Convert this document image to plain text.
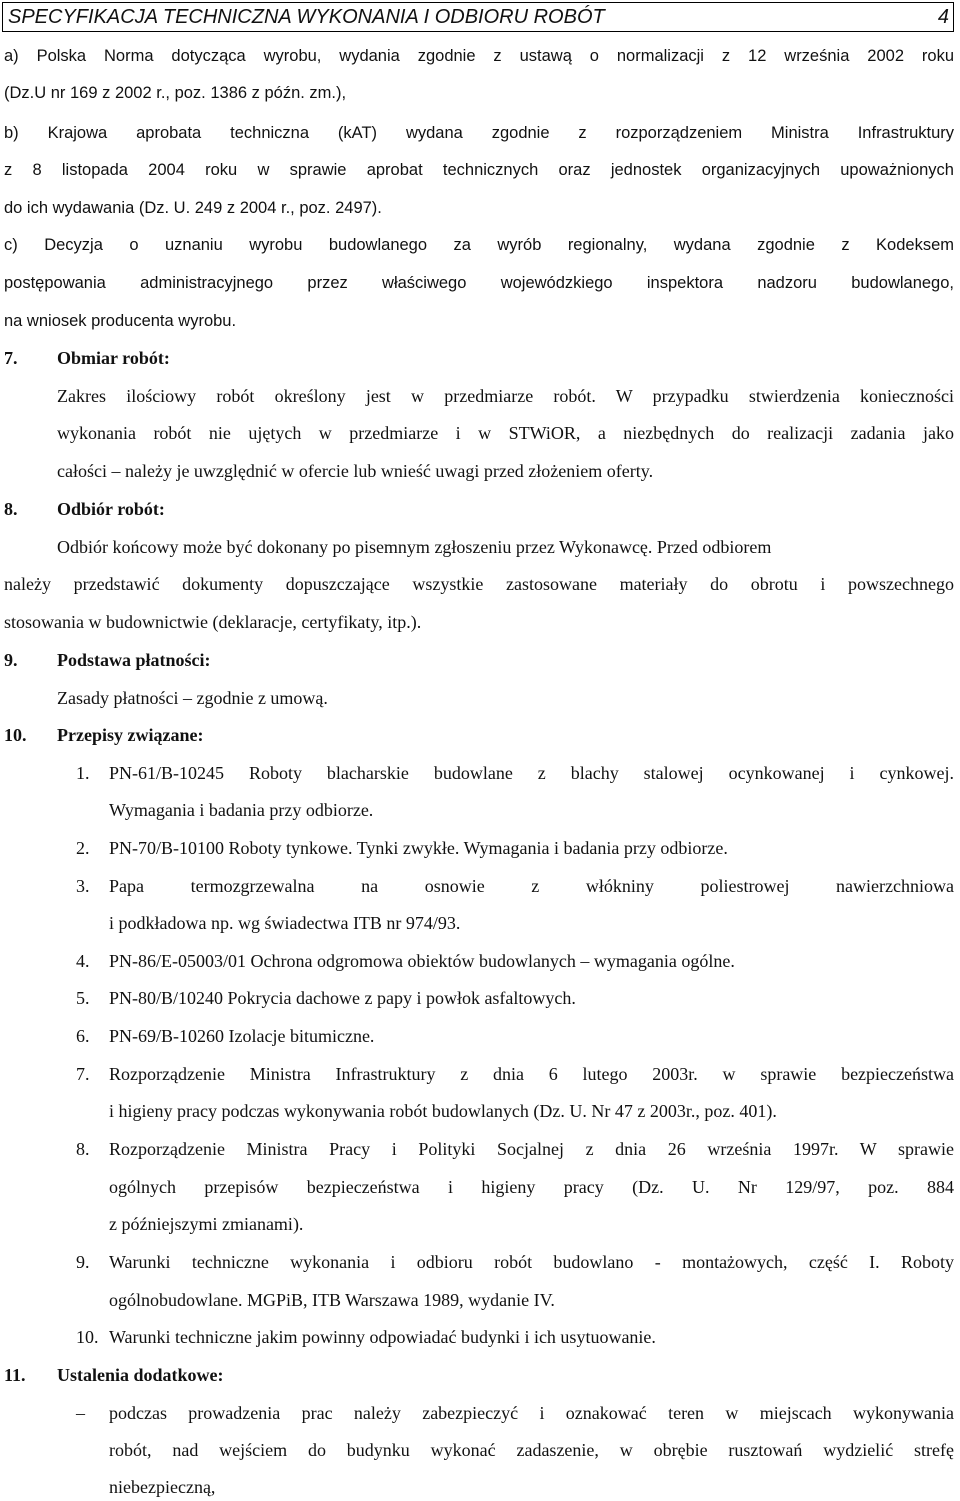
SPECYFIKACJA TECHNICZNA WYKONANIA I ODBIORU ROBÓT	4
a) Polska Norma dotycząca wyrobu, wydania zgodnie z ustawą o normalizacji z 12 września 2002 roku
(Dz.U nr 169 z 2002 r., poz. 1386 z późn. zm.),
b) Krajowa aprobata techniczna (kAT) wydana zgodnie z rozporządzeniem Ministra Infrastruktury
z 8 listopada 2004 roku w sprawie aprobat technicznych oraz jednostek organizacyjnych upoważnionych
do ich wydawania (Dz. U. 249 z 2004 r., poz. 2497).
c) Decyzja o uznaniu wyrobu budowlanego za wyrób regionalny, wydana zgodnie z Kodeksem
postępowania administracyjnego przez właściwego wojewódzkiego inspektora nadzoru budowlanego,
na wniosek producenta wyrobu.
7. Obmiar robót:
Zakres ilościowy robót określony jest w przedmiarze robót. W przypadku stwierdzenia konieczności
wykonania robót nie ujętych w przedmiarze i w STWiOR, a niezbędnych do realizacji zadania jako
całości – należy je uwzględnić w ofercie lub wnieść uwagi przed złożeniem oferty.
8. Odbiór robót:
Odbiór końcowy może być dokonany po pisemnym zgłoszeniu przez Wykonawcę. Przed odbiorem
należy przedstawić dokumenty dopuszczające wszystkie zastosowane materiały do obrotu i powszechnego
stosowania w budownictwie (deklaracje, certyfikaty, itp.).
9. Podstawa płatności:
Zasady płatności – zgodnie z umową.
10. Przepisy związane:
1. PN-61/B-10245 Roboty blacharskie budowlane z blachy stalowej ocynkowanej i cynkowej.
Wymagania i badania przy odbiorze.
2. PN-70/B-10100 Roboty tynkowe. Tynki zwykłe. Wymagania i badania przy odbiorze.
3. Papa termozgrzewalna na osnowie z włókniny poliestrowej nawierzchniowa
i podkładowa np. wg świadectwa ITB nr 974/93.
4. PN-86/E-05003/01 Ochrona odgromowa obiektów budowlanych – wymagania ogólne.
5. PN-80/B/10240 Pokrycia dachowe z papy i powłok asfaltowych.
6. PN-69/B-10260 Izolacje bitumiczne.
7. Rozporządzenie Ministra Infrastruktury z dnia 6 lutego 2003r. w sprawie bezpieczeństwa
i higieny pracy podczas wykonywania robót budowlanych (Dz. U. Nr 47 z 2003r., poz. 401).
8. Rozporządzenie Ministra Pracy i Polityki Socjalnej z dnia 26 września 1997r. W sprawie
ogólnych przepisów bezpieczeństwa i higieny pracy (Dz. U. Nr 129/97, poz. 884
z późniejszymi zmianami).
9. Warunki techniczne wykonania i odbioru robót budowlano - montażowych, część I. Roboty
ogólnobudowlane. MGPiB, ITB Warszawa 1989, wydanie IV.
10. Warunki techniczne jakim powinny odpowiadać budynki i ich usytuowanie.
11. Ustalenia dodatkowe:
– podczas prowadzenia prac należy zabezpieczyć i oznakować teren w miejscach wykonywania
robót, nad wejściem do budynku wykonać zadaszenie, w obrębie rusztowań wydzielić strefę
niebezpieczną,
